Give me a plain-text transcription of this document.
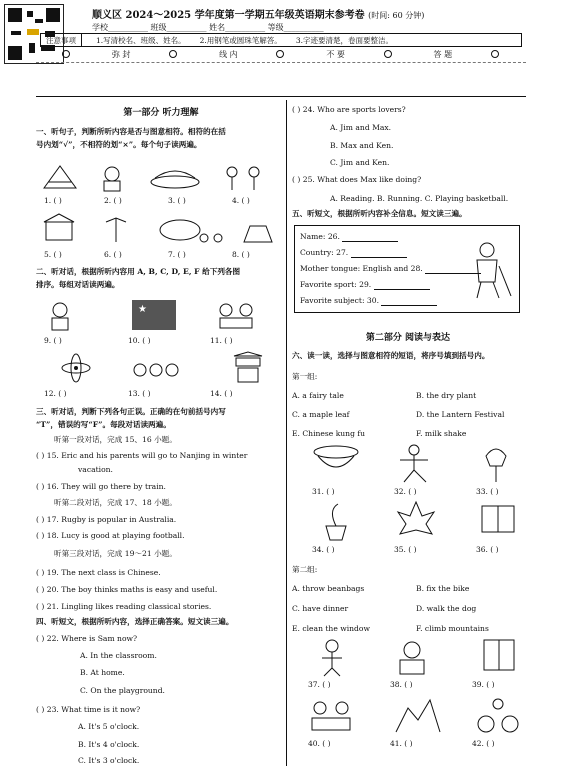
顺义区 2024～2025 学年度第一学期五年级英语期末参考卷 (时间: 60 分钟)
学校__________ 班级__________ 姓名__________ 等级__________
注意事项	1.写清校名、班级、姓名。 2.用钢笔或圆珠笔解答。 3.字迹要清楚，卷面要整洁。
弥 封	线 内	不 要	答 题
第一部分 听力理解
一、听句子，判断所听内容是否与图意相符。相符的在括
号内划“√”，不相符的划“×”。每个句子读两遍。
1. ( )	2. ( )	3. ( )	4. ( )
5. ( )	6. ( )	7. ( )	8. ( )
二、听对话，根据所听内容用 A, B, C, D, E, F 给下列各图
排序。每组对话读两遍。
★
9. ( )	10. ( )	11. ( )
12. ( )	13. ( )	14. ( )
三、听对话，判断下列各句正误。正确的在句前括号内写
“T”，错误的写“F”。每段对话读两遍。
听第一段对话，完成 15、16 小题。
( ) 15. Eric and his parents will go to Nanjing in winter
vacation.
( ) 16. They will go there by train.
听第二段对话，完成 17、18 小题。
( ) 17. Rugby is popular in Australia.
( ) 18. Lucy is good at playing football.
听第三段对话，完成 19～21 小题。
( ) 19. The next class is Chinese.
( ) 20. The boy thinks maths is easy and useful.
( ) 21. Lingling likes reading classical stories.
四、听短文，根据所听内容，选择正确答案。短文读三遍。
( ) 22. Where is Sam now?
A. In the classroom.
B. At home.
C. On the playground.
( ) 23. What time is it now?
A. It's 5 o'clock.
B. It's 4 o'clock.
C. It's 3 o'clock.
( ) 24. Who are sports lovers?
A. Jim and Max.
B. Max and Ken.
C. Jim and Ken.
( ) 25. What does Max like doing?
A. Reading. B. Running. C. Playing basketball.
五、听短文，根据所听内容补全信息。短文读三遍。
Name: 26.
Country: 27.
Mother tongue: English and 28.
Favorite sport: 29.
Favorite subject: 30.
第二部分 阅读与表达
六、读一读，选择与图意相符的短语，将序号填到括号内。
第一组:
A. a fairy tale	B. the dry plant
C. a maple leaf	D. the Lantern Festival
E. Chinese kung fu	F. milk shake
31. ( )	32. ( )	33. ( )
34. ( )	35. ( )	36. ( )
第二组:
A. throw beanbags	B. fix the bike
C. have dinner	D. walk the dog
E. clean the window	F. climb mountains
37. ( )	38. ( )	39. ( )
40. ( )	41. ( )	42. ( )
